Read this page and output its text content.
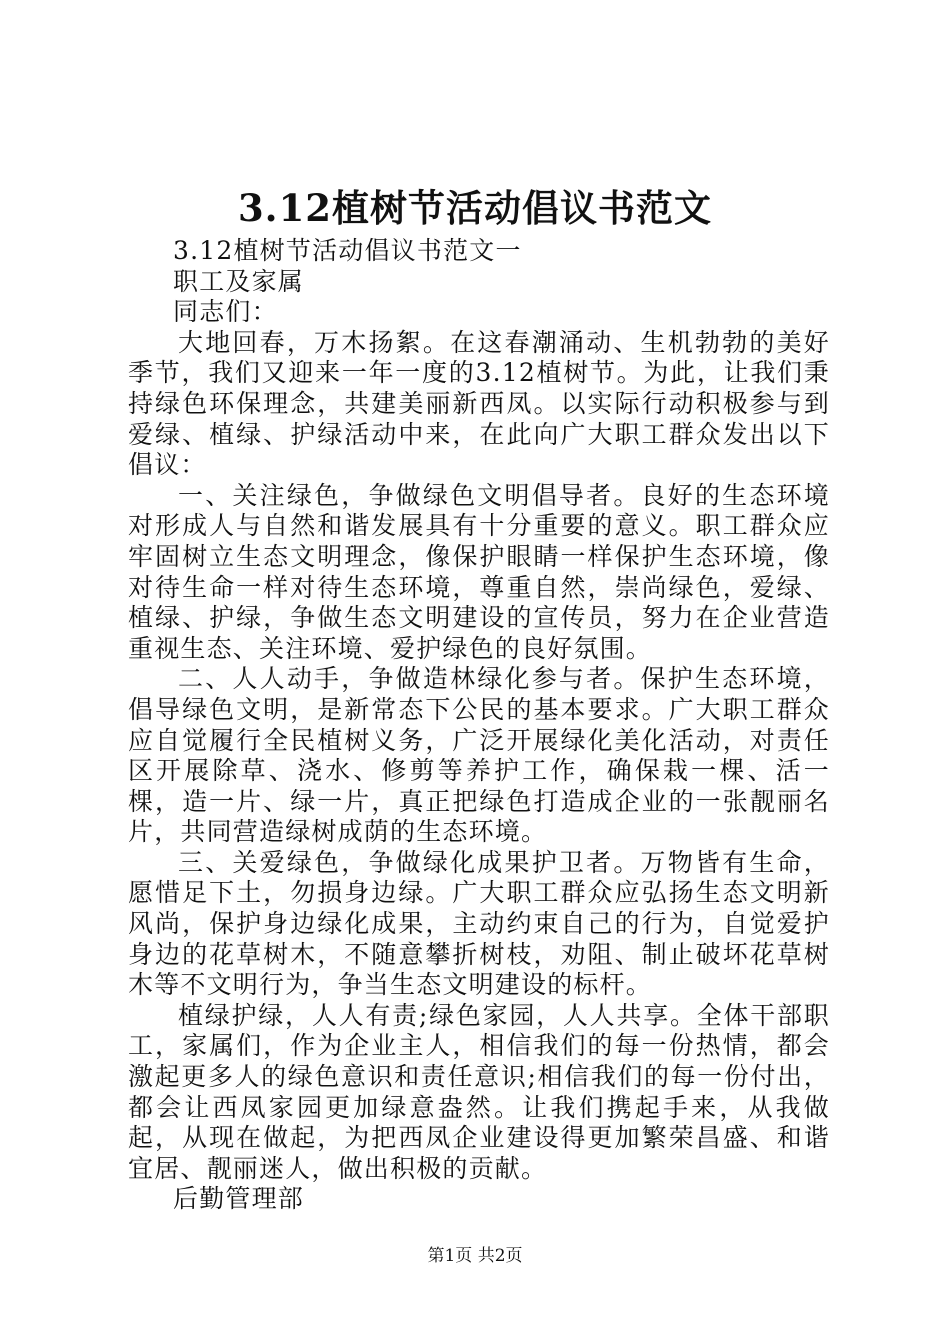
3.12植树节活动倡议书范文

3.12植树节活动倡议书范文一

职工及家属

同志们：

大地回春，万木扬絮。在这春潮涌动、生机勃勃的美好季节，我们又迎来一年一度的3.12植树节。为此，让我们秉持绿色环保理念，共建美丽新西凤。以实际行动积极参与到爱绿、植绿、护绿活动中来，在此向广大职工群众发出以下倡议：

一、关注绿色，争做绿色文明倡导者。良好的生态环境对形成人与自然和谐发展具有十分重要的意义。职工群众应牢固树立生态文明理念，像保护眼睛一样保护生态环境，像对待生命一样对待生态环境，尊重自然，崇尚绿色，爱绿、植绿、护绿，争做生态文明建设的宣传员，努力在企业营造重视生态、关注环境、爱护绿色的良好氛围。

二、人人动手，争做造林绿化参与者。保护生态环境，倡导绿色文明，是新常态下公民的基本要求。广大职工群众应自觉履行全民植树义务，广泛开展绿化美化活动，对责任区开展除草、浇水、修剪等养护工作，确保栽一棵、活一棵，造一片、绿一片，真正把绿色打造成企业的一张靓丽名片，共同营造绿树成荫的生态环境。

三、关爱绿色，争做绿化成果护卫者。万物皆有生命，愿惜足下土，勿损身边绿。广大职工群众应弘扬生态文明新风尚，保护身边绿化成果，主动约束自己的行为，自觉爱护身边的花草树木，不随意攀折树枝，劝阻、制止破坏花草树木等不文明行为，争当生态文明建设的标杆。

植绿护绿，人人有责;绿色家园，人人共享。全体干部职工，家属们，作为企业主人，相信我们的每一份热情，都会激起更多人的绿色意识和责任意识;相信我们的每一份付出，都会让西凤家园更加绿意盎然。让我们携起手来，从我做起，从现在做起，为把西凤企业建设得更加繁荣昌盛、和谐宜居、靓丽迷人，做出积极的贡献。

后勤管理部

第1页 共2页
